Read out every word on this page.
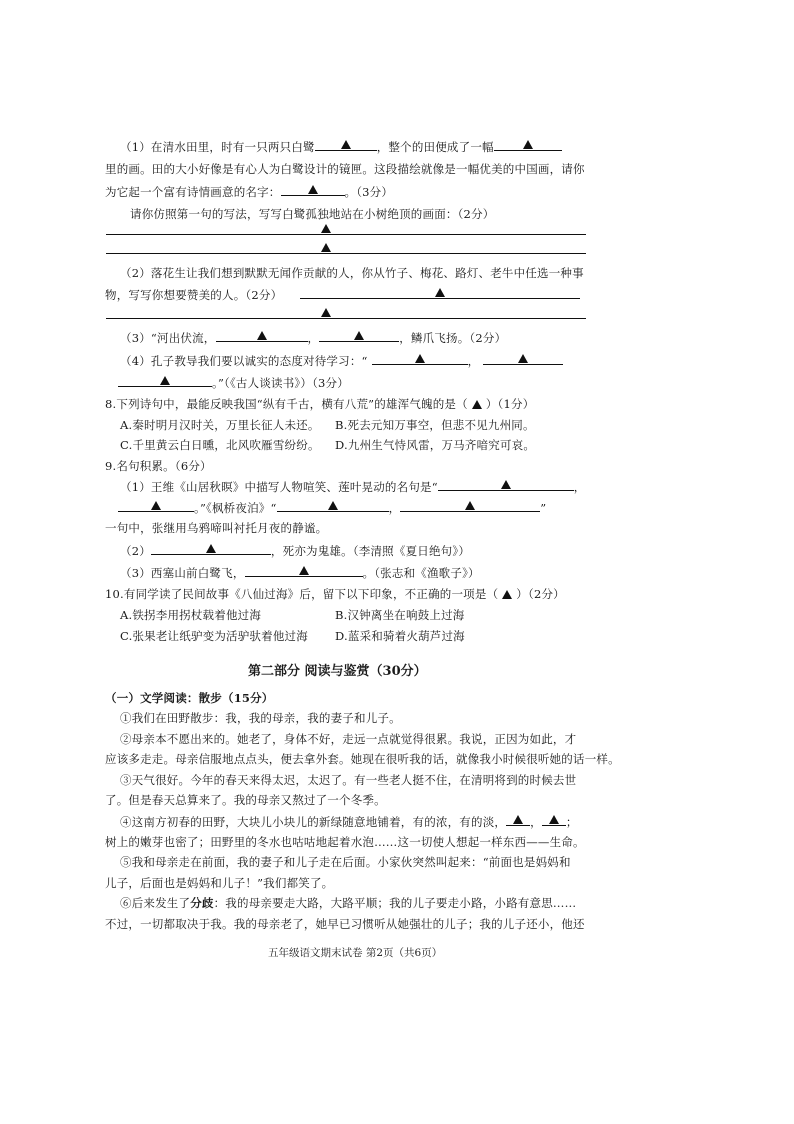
（1）在清水田里，时有一只两只白鹭	，整个的田便成了一幅
里的画。田的大小好像是有心人为白鹭设计的镜匣。这段描绘就像是一幅优美的中国画，请你
为它起一个富有诗情画意的名字：	。（3分）
请你仿照第一句的写法，写写白鹭孤独地站在小树绝顶的画面：（2分）
（2）落花生让我们想到默默无闻作贡献的人，你从竹子、梅花、路灯、老牛中任选一种事
物，写写你想要赞美的人。（2分）
（3）“河出伏流，	，	，鳞爪飞扬。（2分）
（4）孔子教导我们要以诚实的态度对待学习：“	，
。”（《古人谈读书》）（3分）
8.下列诗句中，最能反映我国“纵有千古，横有八荒”的雄浑气魄的是（ ）（1分）
A.秦时明月汉时关，万里长征人未还。 B.死去元知万事空，但悲不见九州同。
C.千里黄云白日曛，北风吹雁雪纷纷。 D.九州生气恃风雷，万马齐喑究可哀。
9.名句积累。（6分）
（1）王维《山居秋暝》中描写人物喧笑、莲叶晃动的名句是“	，
。”《枫桥夜泊》“	，	”
一句中，张继用乌鸦啼叫衬托月夜的静谧。
（2）	，死亦为鬼雄。（李清照《夏日绝句》）
（3）西塞山前白鹭飞，	。（张志和《渔歌子》）
10.有同学读了民间故事《八仙过海》后，留下以下印象，不正确的一项是（ ）（2分）
A.铁拐李用拐杖载着他过海	B.汉钟离坐在响鼓上过海
C.张果老让纸驴变为活驴驮着他过海 D.蓝采和骑着火葫芦过海
第二部分 阅读与鉴赏（30分）
（一）文学阅读：散步（15分）
①我们在田野散步：我，我的母亲，我的妻子和儿子。
②母亲本不愿出来的。她老了，身体不好，走远一点就觉得很累。我说，正因为如此，才
应该多走走。母亲信服地点点头，便去拿外套。她现在很听我的话，就像我小时候很听她的话一样。
③天气很好。今年的春天来得太迟，太迟了。有一些老人挺不住，在清明将到的时候去世
了。但是春天总算来了。我的母亲又熬过了一个冬季。
④这南方初春的田野，大块儿小块儿的新绿随意地铺着，有的浓，有的淡， ， ；
树上的嫩芽也密了；田野里的冬水也咕咕地起着水泡……这一切使人想起一样东西——生命。
⑤我和母亲走在前面，我的妻子和儿子走在后面。小家伙突然叫起来：“前面也是妈妈和
儿子，后面也是妈妈和儿子！”我们都笑了。
⑥后来发生了分歧：我的母亲要走大路，大路平顺；我的儿子要走小路，小路有意思……
不过，一切都取决于我。我的母亲老了，她早已习惯听从她强壮的儿子；我的儿子还小，他还
五年级语文期末试卷 第2页（共6页）
